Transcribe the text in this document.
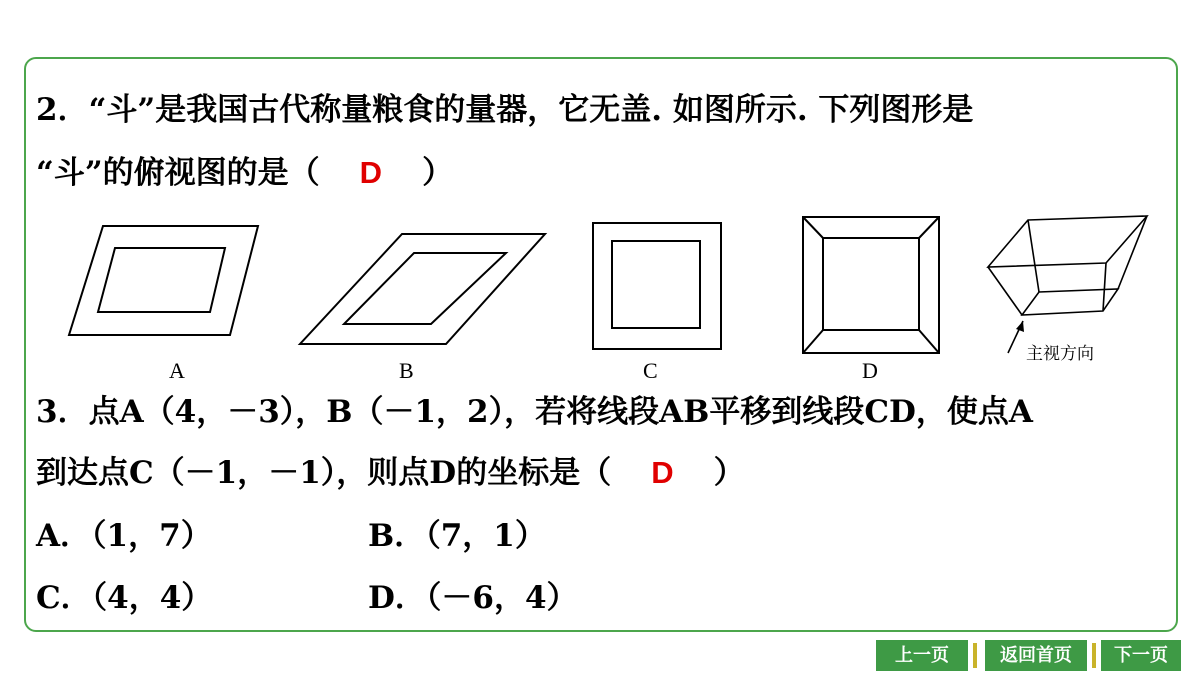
2．“斗”是我国古代称量粮食的量器，它无盖. 如图所示. 下列图形是
“斗”的俯视图的是（ D ）
A	B	C	D
主视方向
3．点A（4，－3），B（－1，2），若将线段AB平移到线段CD，使点A
到达点C（－1，－1），则点D的坐标是（ D ）
A．（1，7）	B．（7，1）
C．（4，4）	D．（－6，4）
上一页	返回首页	下一页
